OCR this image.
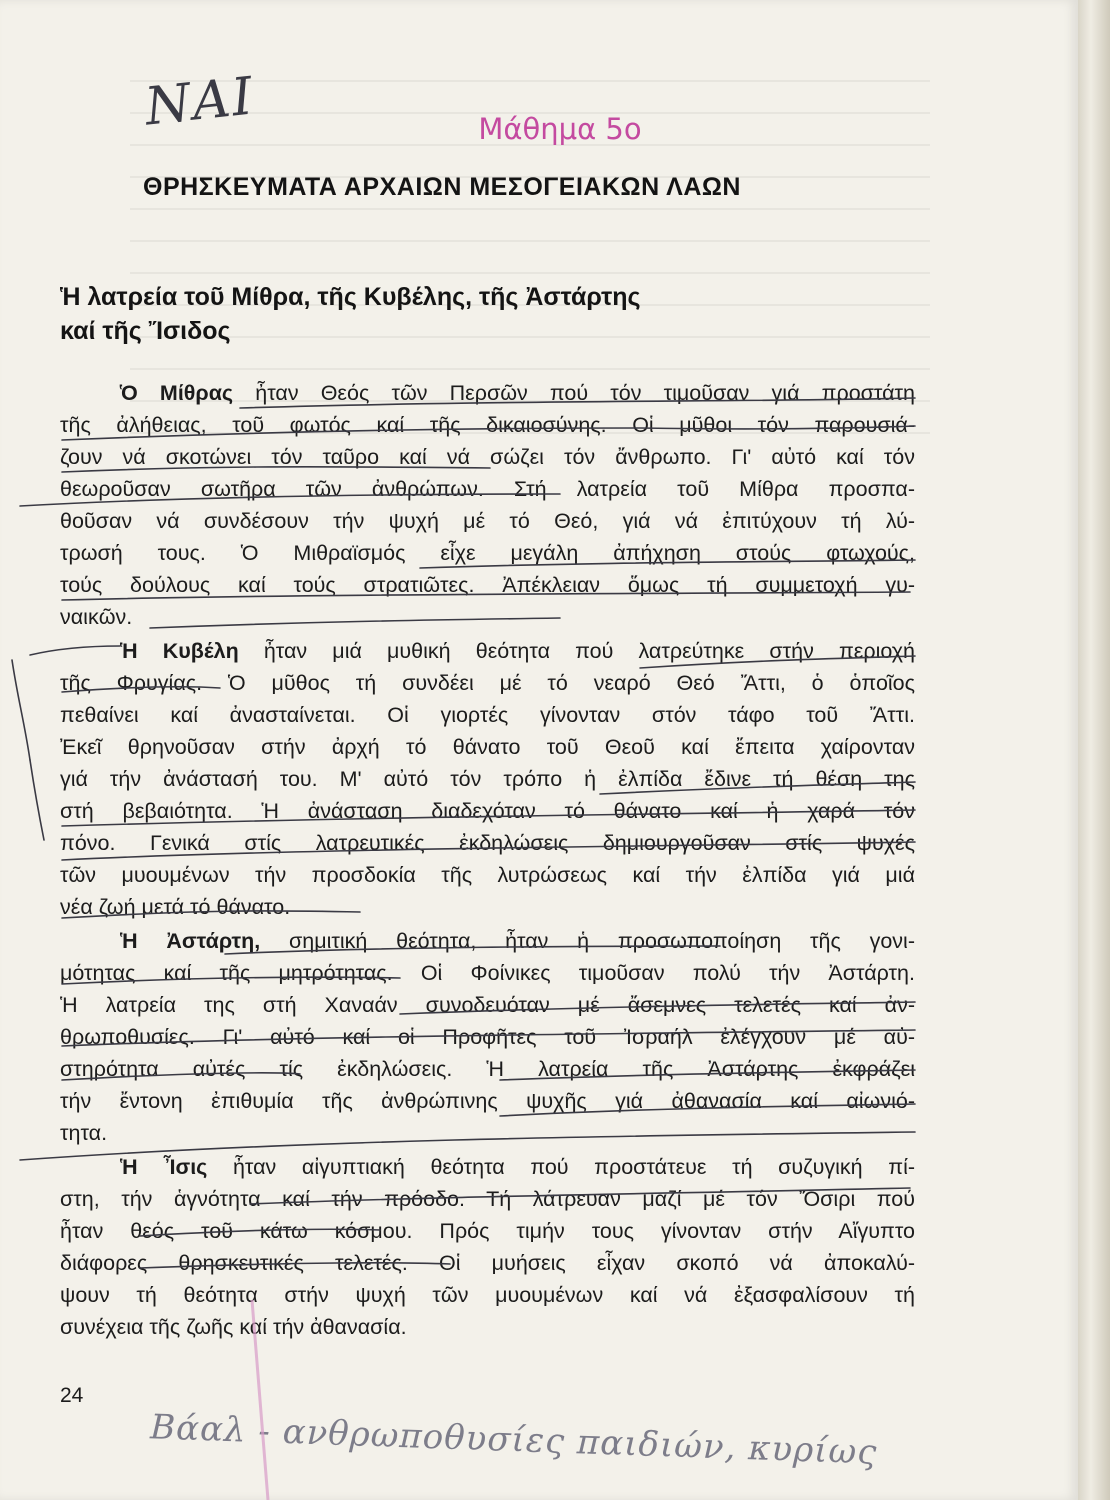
ΝΑΙ	Μάθημα 5ο
ΘΡΗΣΚΕΥΜΑΤΑ ΑΡΧΑΙΩΝ ΜΕΣΟΓΕΙΑΚΩΝ ΛΑΩΝ
Ἡ λατρεία τοῦ Μίθρα, τῆς Κυβέλης, τῆς Ἀστάρτης
καί τῆς Ἴσιδος
Ὁ Μίθρας ἦταν Θεός τῶν Περσῶν πού τόν τιμοῦσαν γιά προστάτη
τῆς ἀλήθειας, τοῦ φωτός καί τῆς δικαιοσύνης. Οἱ μῦθοι τόν παρουσιά-
ζουν νά σκοτώνει τόν ταῦρο καί νά σώζει τόν ἄνθρωπο. Γι' αὐτό καί τόν
θεωροῦσαν σωτῆρα τῶν ἀνθρώπων. Στή λατρεία τοῦ Μίθρα προσπα-
θοῦσαν νά συνδέσουν τήν ψυχή μέ τό Θεό, γιά νά ἐπιτύχουν τή λύ-
τρωσή τους. Ὁ Μιθραϊσμός εἶχε μεγάλη ἀπήχηση στούς φτωχούς,
τούς δούλους καί τούς στρατιῶτες. Ἀπέκλειαν ὅμως τή συμμετοχή γυ-
ναικῶν.
Ἡ Κυβέλη ἦταν μιά μυθική θεότητα πού λατρεύτηκε στήν περιοχή
τῆς Φρυγίας. Ὁ μῦθος τή συνδέει μέ τό νεαρό Θεό Ἄττι, ὁ ὁποῖος
πεθαίνει καί ἀνασταίνεται. Οἱ γιορτές γίνονταν στόν τάφο τοῦ Ἄττι.
Ἐκεῖ θρηνοῦσαν στήν ἀρχή τό θάνατο τοῦ Θεοῦ καί ἔπειτα χαίρονταν
γιά τήν ἀνάστασή του. Μ' αὐτό τόν τρόπο ἡ ἐλπίδα ἔδινε τή θέση της
στή βεβαιότητα. Ἡ ἀνάσταση διαδεχόταν τό θάνατο καί ἡ χαρά τόν
πόνο. Γενικά στίς λατρευτικές ἐκδηλώσεις δημιουργοῦσαν στίς ψυχές
τῶν μυουμένων τήν προσδοκία τῆς λυτρώσεως καί τήν ἐλπίδα γιά μιά
νέα ζωή μετά τό θάνατο.
Ἡ Ἀστάρτη, σημιτική θεότητα, ἦταν ἡ προσωποποίηση τῆς γονι-
μότητας καί τῆς μητρότητας. Οἱ Φοίνικες τιμοῦσαν πολύ τήν Ἀστάρτη.
Ἡ λατρεία της στή Χαναάν συνοδευόταν μέ ἄσεμνες τελετές καί ἀν-
θρωποθυσίες. Γι' αὐτό καί οἱ Προφῆτες τοῦ Ἰσραήλ ἐλέγχουν μέ αὐ-
στηρότητα αὐτές τίς ἐκδηλώσεις. Ἡ λατρεία τῆς Ἀστάρτης ἐκφράζει
τήν ἔντονη ἐπιθυμία τῆς ἀνθρώπινης ψυχῆς γιά ἀθανασία καί αἰωνιό-
τητα.
Ἡ Ἶσις ἦταν αἰγυπτιακή θεότητα πού προστάτευε τή συζυγική πί-
στη, τήν ἁγνότητα καί τήν πρόοδο. Τή λάτρευαν μαζί μέ τόν Ὄσιρι πού
ἦταν θεός τοῦ κάτω κόσμου. Πρός τιμήν τους γίνονταν στήν Αἴγυπτο
διάφορες θρησκευτικές τελετές. Οἱ μυήσεις εἶχαν σκοπό νά ἀποκαλύ-
ψουν τή θεότητα στήν ψυχή τῶν μυουμένων καί νά ἐξασφαλίσουν τή
συνέχεια τῆς ζωῆς καί τήν ἀθανασία.
24
Βάαλ - ανθρωποθυσίες παιδιών, κυρίως
